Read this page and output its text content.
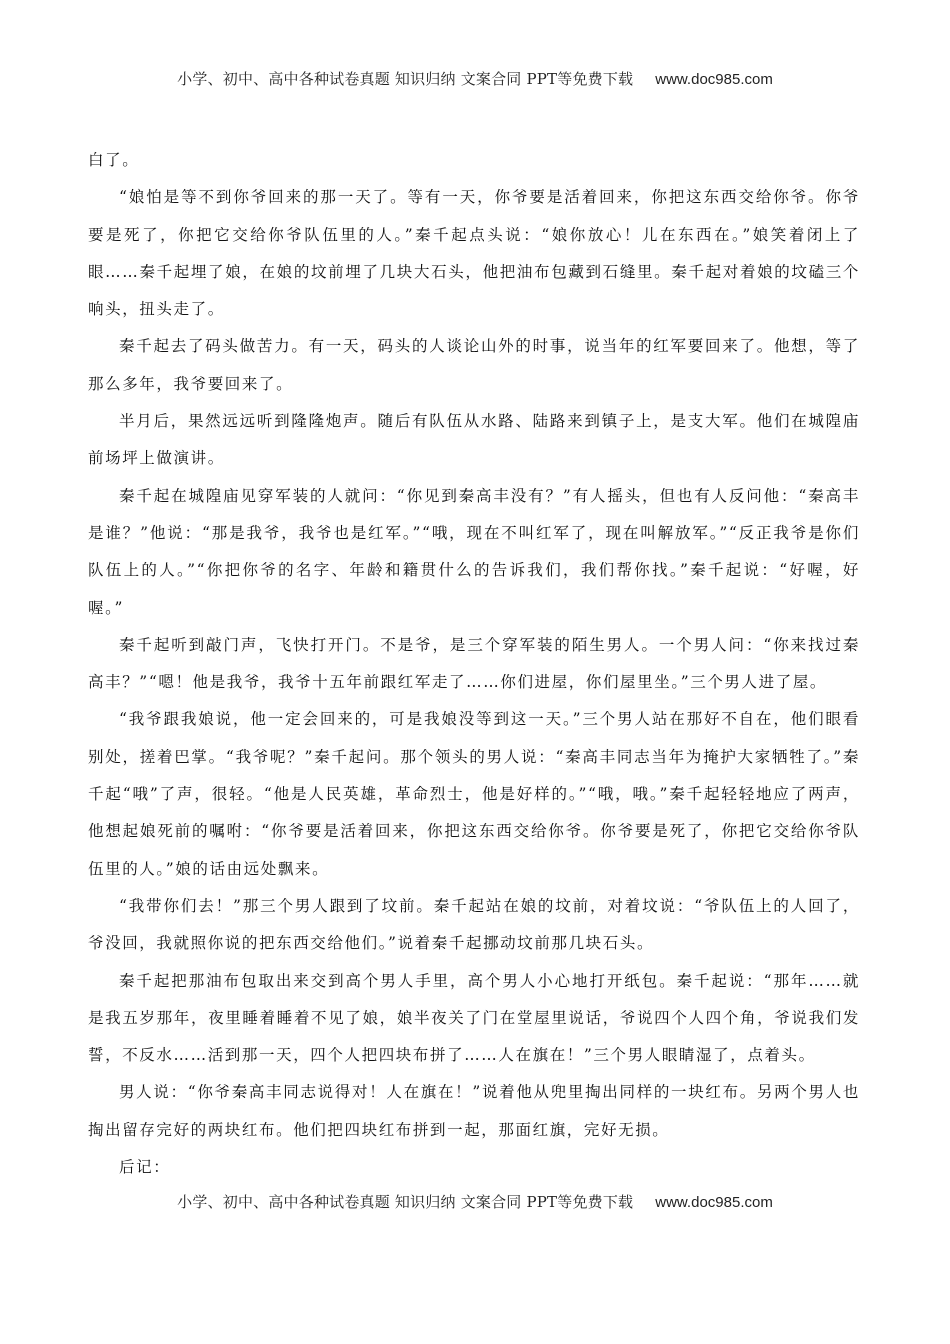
小学、初中、高中各种试卷真题 知识归纳 文案合同 PPT等免费下载 www.doc985.com

白了。

“娘怕是等不到你爷回来的那一天了。等有一天，你爷要是活着回来，你把这东西交给你爷。你爷要是死了，你把它交给你爷队伍里的人。”秦千起点头说：“娘你放心！儿在东西在。”娘笑着闭上了眼……秦千起埋了娘，在娘的坟前埋了几块大石头，他把油布包藏到石缝里。秦千起对着娘的坟磕三个响头，扭头走了。

秦千起去了码头做苦力。有一天，码头的人谈论山外的时事，说当年的红军要回来了。他想，等了那么多年，我爷要回来了。

半月后，果然远远听到隆隆炮声。随后有队伍从水路、陆路来到镇子上，是支大军。他们在城隍庙前场坪上做演讲。

秦千起在城隍庙见穿军装的人就问：“你见到秦高丰没有？”有人摇头，但也有人反问他：“秦高丰是谁？”他说：“那是我爷，我爷也是红军。”“哦，现在不叫红军了，现在叫解放军。”“反正我爷是你们队伍上的人。”“你把你爷的名字、年龄和籍贯什么的告诉我们，我们帮你找。”秦千起说：“好喔，好喔。”

秦千起听到敲门声，飞快打开门。不是爷，是三个穿军装的陌生男人。一个男人问：“你来找过秦高丰？”“嗯！他是我爷，我爷十五年前跟红军走了……你们进屋，你们屋里坐。”三个男人进了屋。

“我爷跟我娘说，他一定会回来的，可是我娘没等到这一天。”三个男人站在那好不自在，他们眼看别处，搓着巴掌。“我爷呢？”秦千起问。那个领头的男人说：“秦高丰同志当年为掩护大家牺牲了。”秦千起“哦”了声，很轻。“他是人民英雄，革命烈士，他是好样的。”“哦，哦。”秦千起轻轻地应了两声，他想起娘死前的嘱咐：“你爷要是活着回来，你把这东西交给你爷。你爷要是死了，你把它交给你爷队伍里的人。”娘的话由远处飘来。

“我带你们去！”那三个男人跟到了坟前。秦千起站在娘的坟前，对着坟说：“爷队伍上的人回了，爷没回，我就照你说的把东西交给他们。”说着秦千起挪动坟前那几块石头。

秦千起把那油布包取出来交到高个男人手里，高个男人小心地打开纸包。秦千起说：“那年……就是我五岁那年，夜里睡着睡着不见了娘，娘半夜关了门在堂屋里说话，爷说四个人四个角，爷说我们发誓，不反水……活到那一天，四个人把四块布拼了……人在旗在！”三个男人眼睛湿了，点着头。

男人说：“你爷秦高丰同志说得对！人在旗在！”说着他从兜里掏出同样的一块红布。另两个男人也掏出留存完好的两块红布。他们把四块红布拼到一起，那面红旗，完好无损。

后记：

小学、初中、高中各种试卷真题 知识归纳 文案合同 PPT等免费下载 www.doc985.com
